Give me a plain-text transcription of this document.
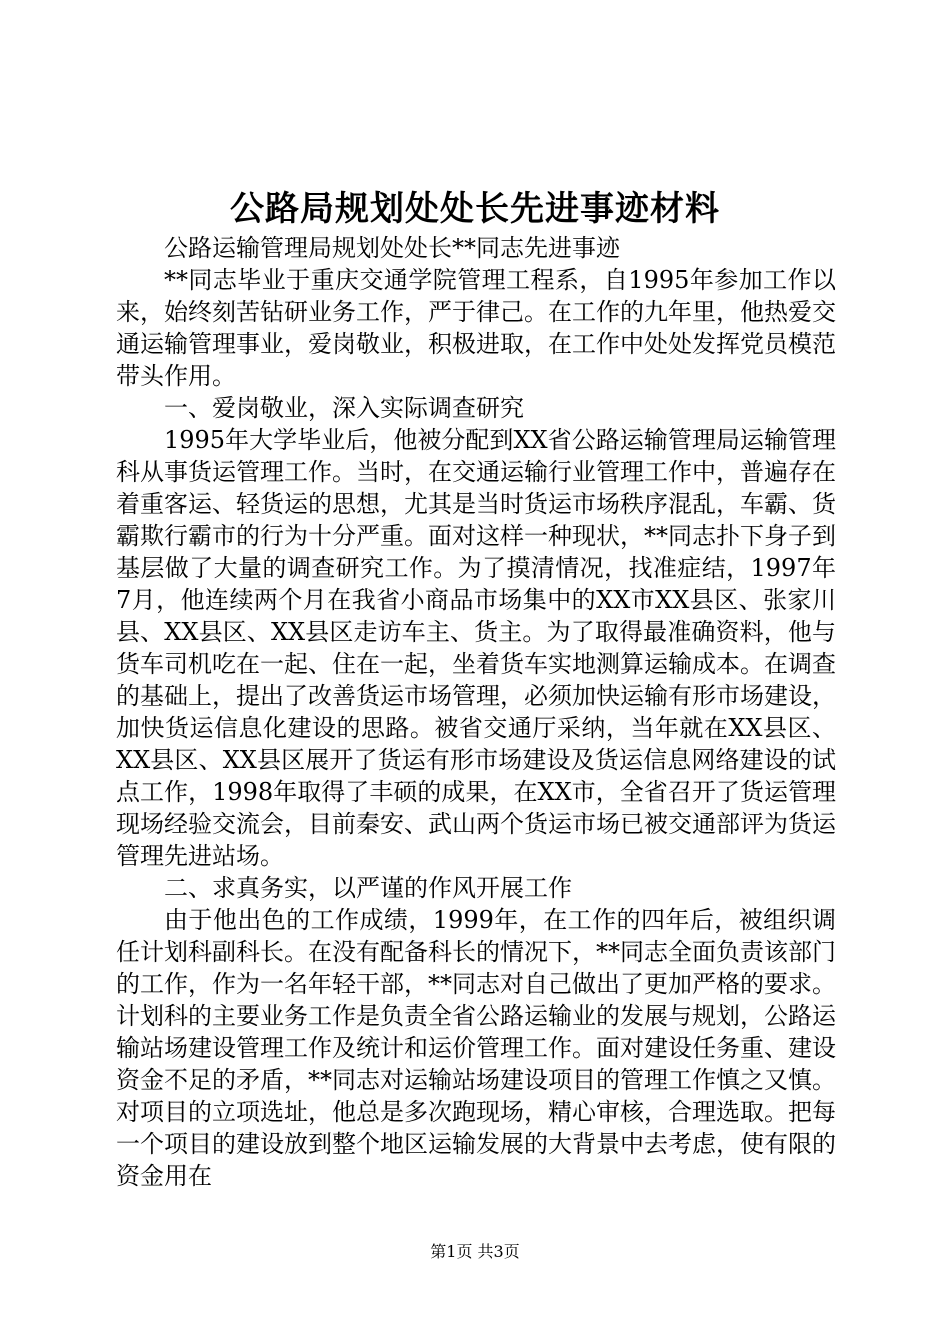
公路局规划处处长先进事迹材料

公路运输管理局规划处处长**同志先进事迹

**同志毕业于重庆交通学院管理工程系，自1995年参加工作以来，始终刻苦钻研业务工作，严于律己。在工作的九年里，他热爱交通运输管理事业，爱岗敬业，积极进取，在工作中处处发挥党员模范带头作用。

一、爱岗敬业，深入实际调查研究

1995年大学毕业后，他被分配到XX省公路运输管理局运输管理科从事货运管理工作。当时，在交通运输行业管理工作中，普遍存在着重客运、轻货运的思想，尤其是当时货运市场秩序混乱，车霸、货霸欺行霸市的行为十分严重。面对这样一种现状，**同志扑下身子到基层做了大量的调查研究工作。为了摸清情况，找准症结，1997年7月，他连续两个月在我省小商品市场集中的XX市XX县区、张家川县、XX县区、XX县区走访车主、货主。为了取得最准确资料，他与货车司机吃在一起、住在一起，坐着货车实地测算运输成本。在调查的基础上，提出了改善货运市场管理，必须加快运输有形市场建设，加快货运信息化建设的思路。被省交通厅采纳，当年就在XX县区、XX县区、XX县区展开了货运有形市场建设及货运信息网络建设的试点工作，1998年取得了丰硕的成果，在XX市，全省召开了货运管理现场经验交流会，目前秦安、武山两个货运市场已被交通部评为货运管理先进站场。

二、求真务实，以严谨的作风开展工作

由于他出色的工作成绩，1999年，在工作的四年后，被组织调任计划科副科长。在没有配备科长的情况下，**同志全面负责该部门的工作，作为一名年轻干部，**同志对自己做出了更加严格的要求。计划科的主要业务工作是负责全省公路运输业的发展与规划，公路运输站场建设管理工作及统计和运价管理工作。面对建设任务重、建设资金不足的矛盾，**同志对运输站场建设项目的管理工作慎之又慎。对项目的立项选址，他总是多次跑现场，精心审核，合理选取。把每一个项目的建设放到整个地区运输发展的大背景中去考虑，使有限的资金用在

第1页 共3页
